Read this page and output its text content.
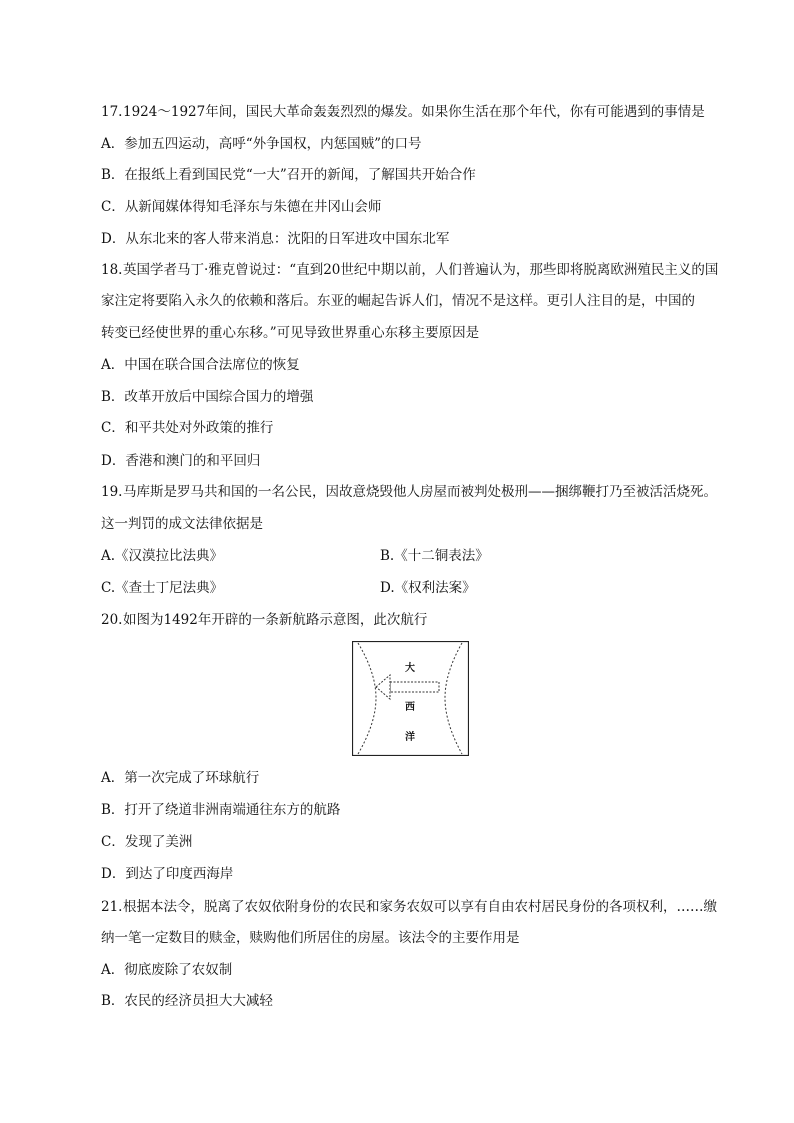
17.1924～1927年间，国民大革命轰轰烈烈的爆发。如果你生活在那个年代，你有可能遇到的事情是
A．参加五四运动，高呼“外争国权，内惩国贼”的口号
B．在报纸上看到国民党“一大”召开的新闻，了解国共开始合作
C．从新闻媒体得知毛泽东与朱德在井冈山会师
D．从东北来的客人带来消息：沈阳的日军进攻中国东北军
18.英国学者马丁·雅克曾说过：“直到20世纪中期以前，人们普遍认为，那些即将脱离欧洲殖民主义的国
家注定将要陷入永久的依赖和落后。东亚的崛起告诉人们，情况不是这样。更引人注目的是，中国的
转变已经使世界的重心东移。”可见导致世界重心东移主要原因是
A．中国在联合国合法席位的恢复
B．改革开放后中国综合国力的增强
C．和平共处对外政策的推行
D．香港和澳门的和平回归
19.马库斯是罗马共和国的一名公民，因故意烧毁他人房屋而被判处极刑——捆绑鞭打乃至被活活烧死。
这一判罚的成文法律依据是
A.《汉漠拉比法典》	B.《十二铜表法》
C.《查士丁尼法典》	D.《权利法案》
20.如图为1492年开辟的一条新航路示意图，此次航行
大
西
洋
A．第一次完成了环球航行
B．打开了绕道非洲南端通往东方的航路
C．发现了美洲
D．到达了印度西海岸
21.根据本法令，脱离了农奴依附身份的农民和家务农奴可以享有自由农村居民身份的各项权利，……缴
纳一笔一定数目的赎金，赎购他们所居住的房屋。该法令的主要作用是
A．彻底废除了农奴制
B．农民的经济员担大大减轻
